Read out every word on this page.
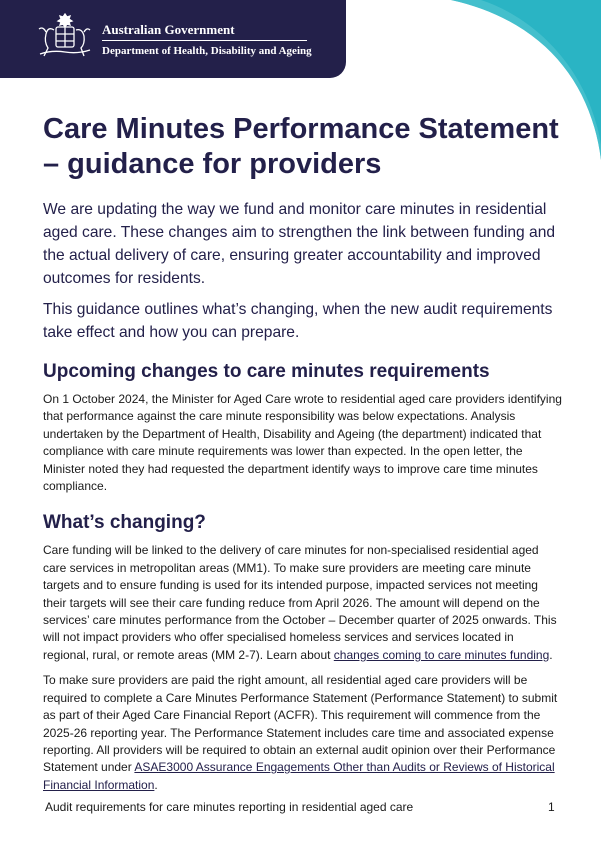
Australian Government
Department of Health, Disability and Ageing
Care Minutes Performance Statement – guidance for providers

We are updating the way we fund and monitor care minutes in residential aged care. These changes aim to strengthen the link between funding and the actual delivery of care, ensuring greater accountability and improved outcomes for residents.

This guidance outlines what’s changing, when the new audit requirements take effect and how you can prepare.

Upcoming changes to care minutes requirements

On 1 October 2024, the Minister for Aged Care wrote to residential aged care providers identifying that performance against the care minute responsibility was below expectations. Analysis undertaken by the Department of Health, Disability and Ageing (the department) indicated that compliance with care minute requirements was lower than expected. In the open letter, the Minister noted they had requested the department identify ways to improve care time minutes compliance.

What’s changing?

Care funding will be linked to the delivery of care minutes for non-specialised residential aged care services in metropolitan areas (MM1). To make sure providers are meeting care minute targets and to ensure funding is used for its intended purpose, impacted services not meeting their targets will see their care funding reduce from April 2026. The amount will depend on the services’ care minutes performance from the October – December quarter of 2025 onwards. This will not impact providers who offer specialised homeless services and services located in regional, rural, or remote areas (MM 2-7). Learn about changes coming to care minutes funding.

To make sure providers are paid the right amount, all residential aged care providers will be required to complete a Care Minutes Performance Statement (Performance Statement) to submit as part of their Aged Care Financial Report (ACFR). This requirement will commence from the 2025-26 reporting year. The Performance Statement includes care time and associated expense reporting. All providers will be required to obtain an external audit opinion over their Performance Statement under ASAE3000 Assurance Engagements Other than Audits or Reviews of Historical Financial Information.

Audit requirements for care minutes reporting in residential aged care	1
